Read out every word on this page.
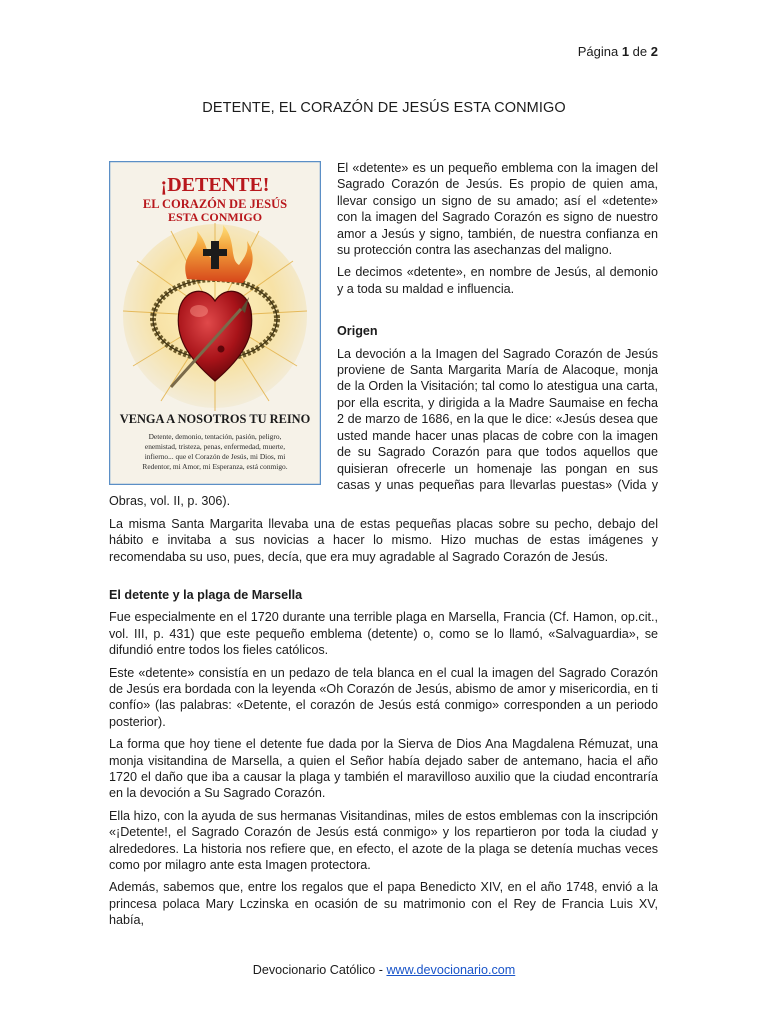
Página 1 de 2
DETENTE, EL CORAZÓN DE JESÚS ESTA CONMIGO
¡DETENTE!
EL CORAZÓN DE JESÚS
ESTA CONMIGO
VENGA A NOSOTROS TU REINO
Detente, demonio, tentación, pasión, peligro,
enemistad, tristeza, penas, enfermedad, muerte,
infierno... que el Corazón de Jesús, mi Dios, mi
Redentor, mi Amor, mi Esperanza, está conmigo.

El «detente» es un pequeño emblema con la imagen del Sagrado Corazón de Jesús. Es propio de quien ama, llevar consigo un signo de su amado; así el «detente» con la imagen del Sagrado Corazón es signo de nuestro amor a Jesús y signo, también, de nuestra confianza en su protección contra las asechanzas del maligno.

Le decimos «detente», en nombre de Jesús, al demonio y a toda su maldad e influencia.

Origen

La devoción a la Imagen del Sagrado Corazón de Jesús proviene de Santa Margarita María de Alacoque, monja de la Orden la Visitación; tal como lo atestigua una carta, por ella escrita, y dirigida a la Madre Saumaise en fecha 2 de marzo de 1686, en la que le dice: «Jesús desea que usted mande hacer unas placas de cobre con la imagen de su Sagrado Corazón para que todos aquellos que quisieran ofrecerle un homenaje las pongan en sus casas y unas pequeñas para llevarlas puestas» (Vida y Obras, vol. II, p. 306).

La misma Santa Margarita llevaba una de estas pequeñas placas sobre su pecho, debajo del hábito e invitaba a sus novicias a hacer lo mismo. Hizo muchas de estas imágenes y recomendaba su uso, pues, decía, que era muy agradable al Sagrado Corazón de Jesús.

El detente y la plaga de Marsella

Fue especialmente en el 1720 durante una terrible plaga en Marsella, Francia (Cf. Hamon, op.cit., vol. III, p. 431) que este pequeño emblema (detente) o, como se lo llamó, «Salvaguardia», se difundió entre todos los fieles católicos.

Este «detente» consistía en un pedazo de tela blanca en el cual la imagen del Sagrado Corazón de Jesús era bordada con la leyenda «Oh Corazón de Jesús, abismo de amor y misericordia, en ti confío» (las palabras: «Detente, el corazón de Jesús está conmigo» corresponden a un periodo posterior).

La forma que hoy tiene el detente fue dada por la Sierva de Dios Ana Magdalena Rémuzat, una monja visitandina de Marsella, a quien el Señor había dejado saber de antemano, hacia el año 1720 el daño que iba a causar la plaga y también el maravilloso auxilio que la ciudad encontraría en la devoción a Su Sagrado Corazón.

Ella hizo, con la ayuda de sus hermanas Visitandinas, miles de estos emblemas con la inscripción «¡Detente!, el Sagrado Corazón de Jesús está conmigo» y los repartieron por toda la ciudad y alrededores. La historia nos refiere que, en efecto, el azote de la plaga se detenía muchas veces como por milagro ante esta Imagen protectora.

Además, sabemos que, entre los regalos que el papa Benedicto XIV, en el año 1748, envió a la princesa polaca Mary Lczinska en ocasión de su matrimonio con el Rey de Francia Luis XV, había,

Devocionario Católico - www.devocionario.com
